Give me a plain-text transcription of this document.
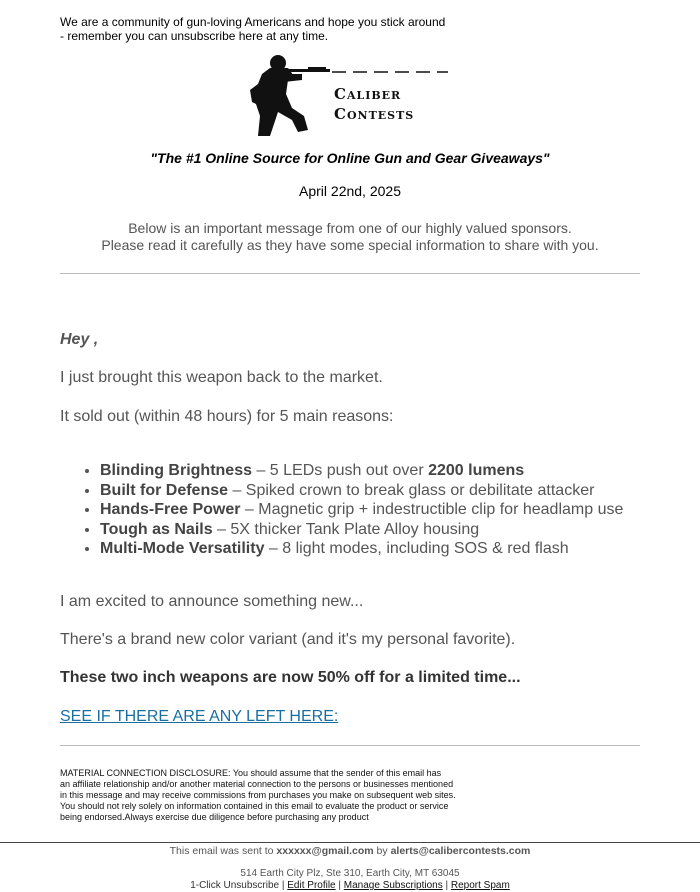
We are a community of gun-loving Americans and hope you stick around
- remember you can unsubscribe here at any time.
Caliber
Contests
"The #1 Online Source for Online Gun and Gear Giveaways"
April 22nd, 2025
Below is an important message from one of our highly valued sponsors.
Please read it carefully as they have some special information to share with you.
Hey ,
I just brought this weapon back to the market.
It sold out (within 48 hours) for 5 main reasons:
• Blinding Brightness – 5 LEDs push out over 2200 lumens
• Built for Defense – Spiked crown to break glass or debilitate attacker
• Hands-Free Power – Magnetic grip + indestructible clip for headlamp use
• Tough as Nails – 5X thicker Tank Plate Alloy housing
• Multi-Mode Versatility – 8 light modes, including SOS & red flash
I am excited to announce something new...
There's a brand new color variant (and it's my personal favorite).
These two inch weapons are now 50% off for a limited time...
SEE IF THERE ARE ANY LEFT HERE:
MATERIAL CONNECTION DISCLOSURE: You should assume that the sender of this email has
an affiliate relationship and/or another material connection to the persons or businesses mentioned
in this message and may receive commissions from purchases you make on subsequent web sites.
You should not rely solely on information contained in this email to evaluate the product or service
being endorsed.Always exercise due diligence before purchasing any product
This email was sent to xxxxxx@gmail.com by alerts@calibercontests.com
514 Earth City Plz, Ste 310, Earth City, MT 63045
1-Click Unsubscribe | Edit Profile | Manage Subscriptions | Report Spam
